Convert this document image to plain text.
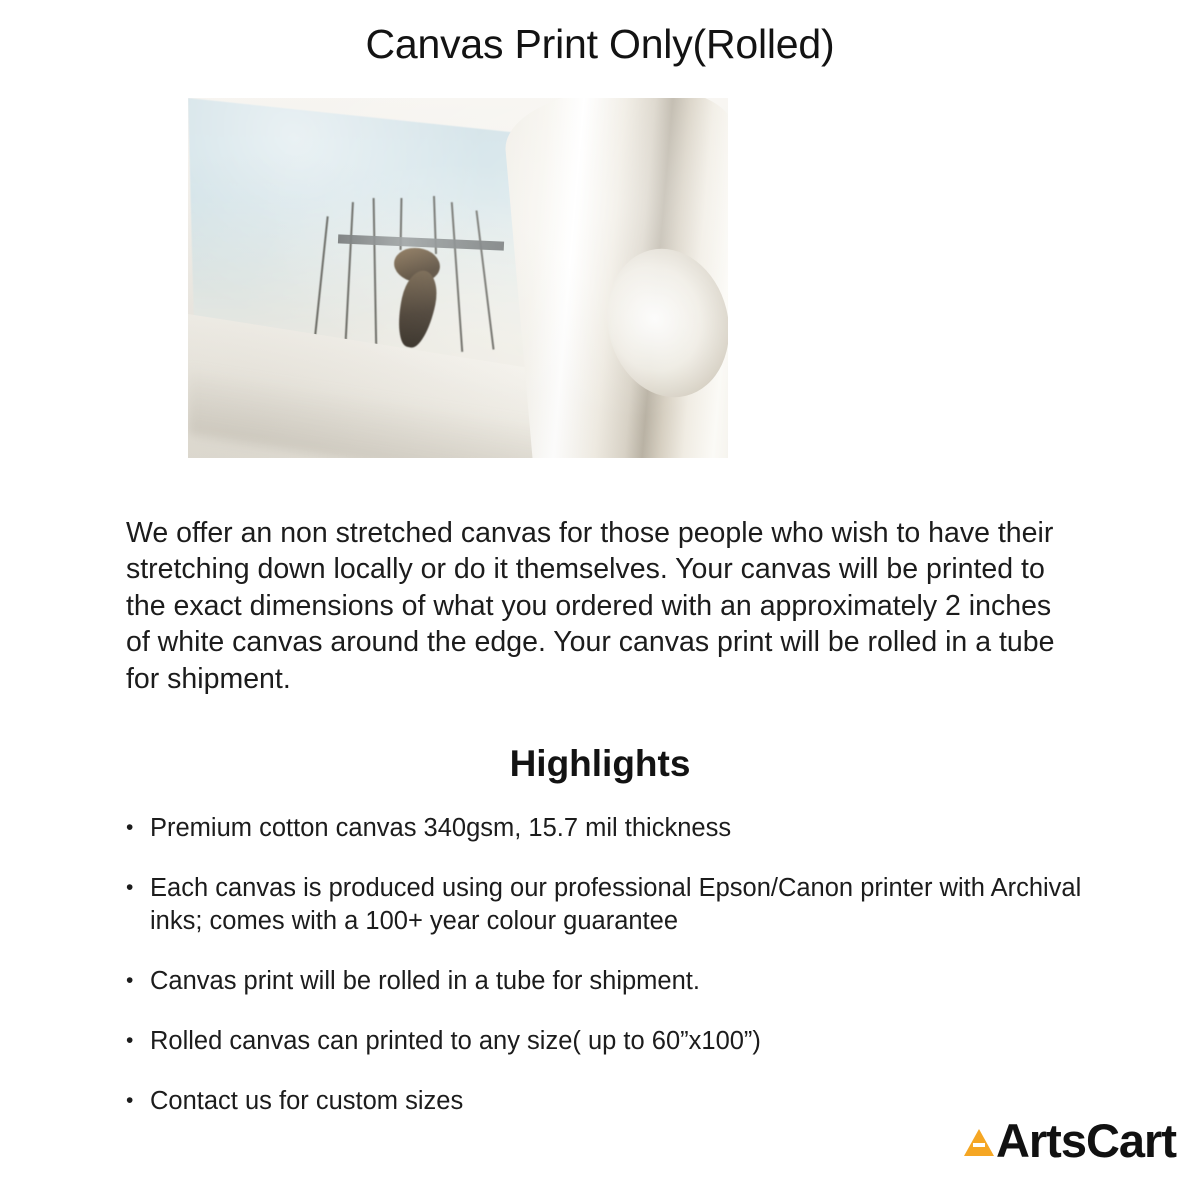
Canvas Print Only(Rolled)

We offer an non stretched canvas for those people who wish to have their stretching down locally or do it themselves. Your canvas will be printed to the exact dimensions of what you ordered with an approximately 2 inches of white canvas around the edge. Your canvas print will be rolled in a tube for shipment.

Highlights
• Premium cotton canvas 340gsm, 15.7 mil thickness
• Each canvas is produced using our professional Epson/Canon printer with Archival inks; comes with a 100+ year colour guarantee
• Canvas print will be rolled in a tube for shipment.
• Rolled canvas can printed to any size( up to 60”x100”)
• Contact us for custom sizes
ArtsCart
